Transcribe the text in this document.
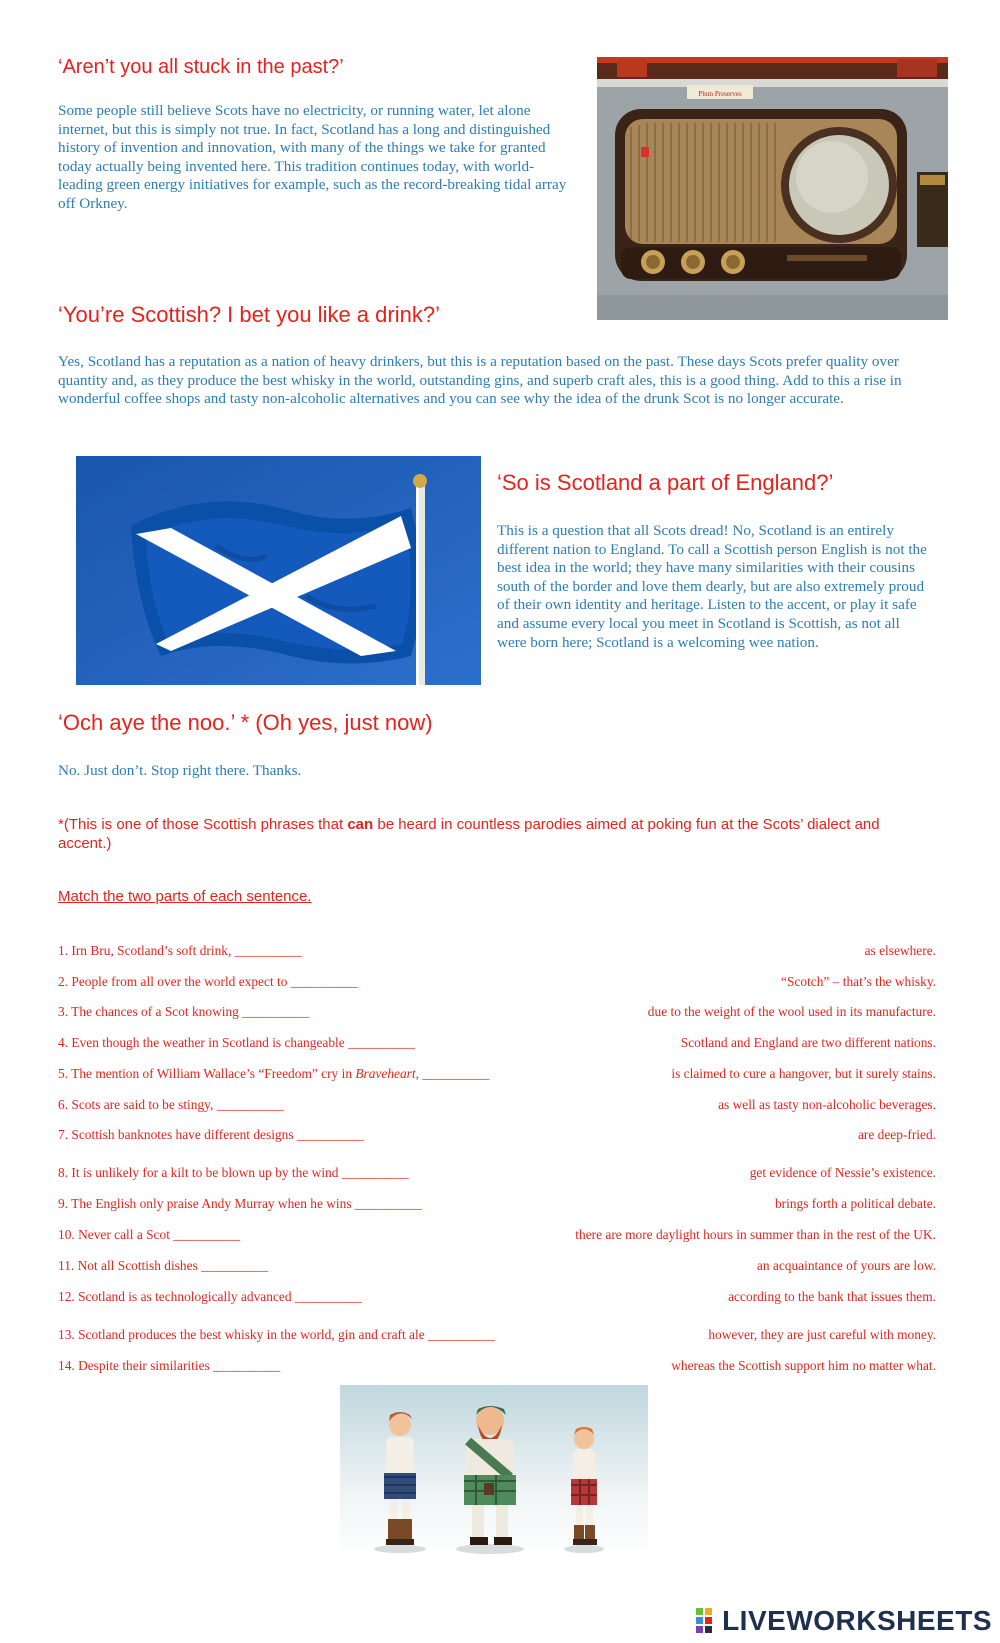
‘Aren’t you all stuck in the past?’
Some people still believe Scots have no electricity, or running water, let alone internet, but this is simply not true. In fact, Scotland has a long and distinguished history of invention and innovation, with many of the things we take for granted today actually being invented here. This tradition continues today, with world-leading green energy initiatives for example, such as the record-breaking tidal array off Orkney.
Plum Preserves
‘You’re Scottish? I bet you like a drink?’
Yes, Scotland has a reputation as a nation of heavy drinkers, but this is a reputation based on the past. These days Scots prefer quality over quantity and, as they produce the best whisky in the world, outstanding gins, and superb craft ales, this is a good thing. Add to this a rise in wonderful coffee shops and tasty non-alcoholic alternatives and you can see why the idea of the drunk Scot is no longer accurate.
‘So is Scotland a part of England?’
This is a question that all Scots dread! No, Scotland is an entirely different nation to England. To call a Scottish person English is not the best idea in the world; they have many similarities with their cousins south of the border and love them dearly, but are also extremely proud of their own identity and heritage. Listen to the accent, or play it safe and assume every local you meet in Scotland is Scottish, as not all were born here; Scotland is a welcoming wee nation.
‘Och aye the noo.’ * (Oh yes, just now)
No. Just don’t. Stop right there. Thanks.
*(This is one of those Scottish phrases that can be heard in countless parodies aimed at poking fun at the Scots’ dialect and accent.)
Match the two parts of each sentence.
1. Irn Bru, Scotland’s soft drink, __________	as elsewhere.
2. People from all over the world expect to __________	“Scotch” – that’s the whisky.
3. The chances of a Scot knowing __________	due to the weight of the wool used in its manufacture.
4. Even though the weather in Scotland is changeable __________	Scotland and England are two different nations.
5. The mention of William Wallace’s “Freedom” cry in Braveheart, __________	is claimed to cure a hangover, but it surely stains.
6. Scots are said to be stingy, __________	as well as tasty non-alcoholic beverages.
7. Scottish banknotes have different designs __________	are deep-fried.
8. It is unlikely for a kilt to be blown up by the wind __________	get evidence of Nessie’s existence.
9. The English only praise Andy Murray when he wins __________	brings forth a political debate.
10. Never call a Scot __________	there are more daylight hours in summer than in the rest of the UK.
11. Not all Scottish dishes __________	an acquaintance of yours are low.
12. Scotland is as technologically advanced __________	according to the bank that issues them.
13. Scotland produces the best whisky in the world, gin and craft ale __________	however, they are just careful with money.
14. Despite their similarities __________	whereas the Scottish support him no matter what.
LIVEWORKSHEETS
